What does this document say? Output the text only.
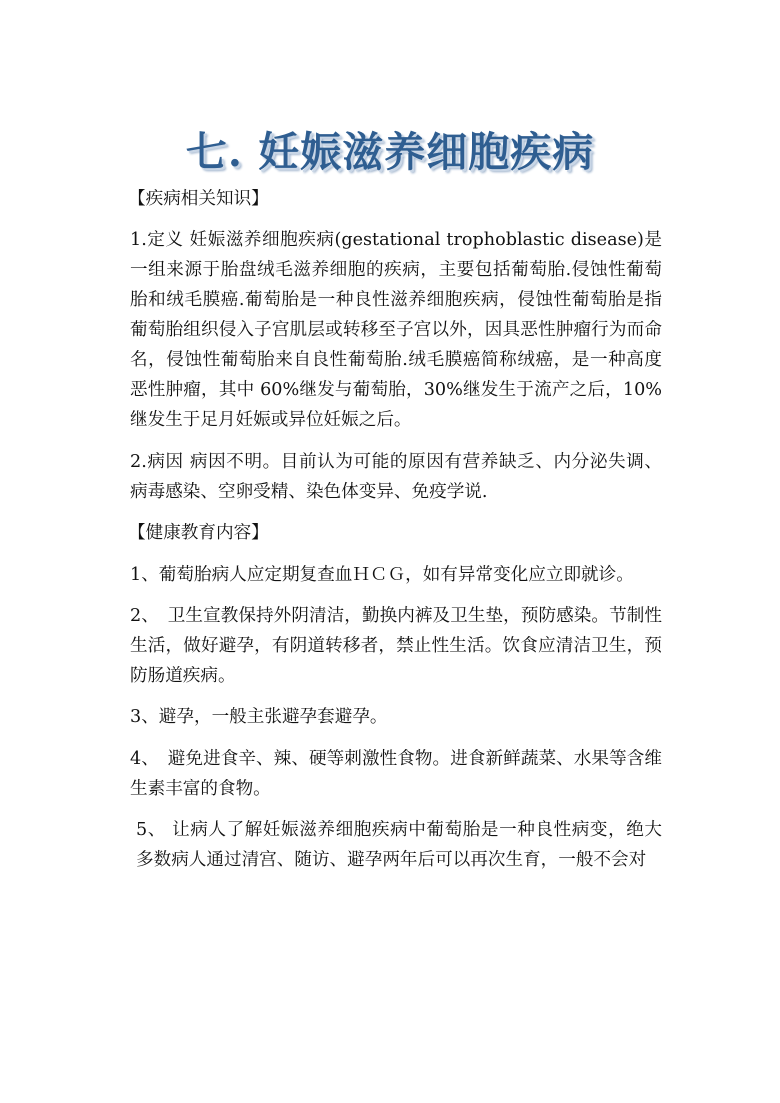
七. 妊娠滋养细胞疾病

【疾病相关知识】

1.定义 妊娠滋养细胞疾病(gestational trophoblastic disease)是一组来源于胎盘绒毛滋养细胞的疾病，主要包括葡萄胎.侵蚀性葡萄胎和绒毛膜癌.葡萄胎是一种良性滋养细胞疾病，侵蚀性葡萄胎是指葡萄胎组织侵入子宫肌层或转移至子宫以外，因具恶性肿瘤行为而命名，侵蚀性葡萄胎来自良性葡萄胎.绒毛膜癌简称绒癌，是一种高度恶性肿瘤，其中 60%继发与葡萄胎，30%继发生于流产之后，10%继发生于足月妊娠或异位妊娠之后。

2.病因 病因不明。目前认为可能的原因有营养缺乏、内分泌失调、病毒感染、空卵受精、染色体变异、免疫学说.

【健康教育内容】

1、葡萄胎病人应定期复查血ＨＣＧ，如有异常变化应立即就诊。

2、　卫生宣教保持外阴清洁，勤换内裤及卫生垫，预防感染。节制性生活，做好避孕，有阴道转移者，禁止性生活。饮食应清洁卫生，预防肠道疾病。

3、避孕，一般主张避孕套避孕。

4、　避免进食辛、辣、硬等刺激性食物。进食新鲜蔬菜、水果等含维生素丰富的食物。

5、 让病人了解妊娠滋养细胞疾病中葡萄胎是一种良性病变，绝大多数病人通过清宫、随访、避孕两年后可以再次生育，一般不会对
